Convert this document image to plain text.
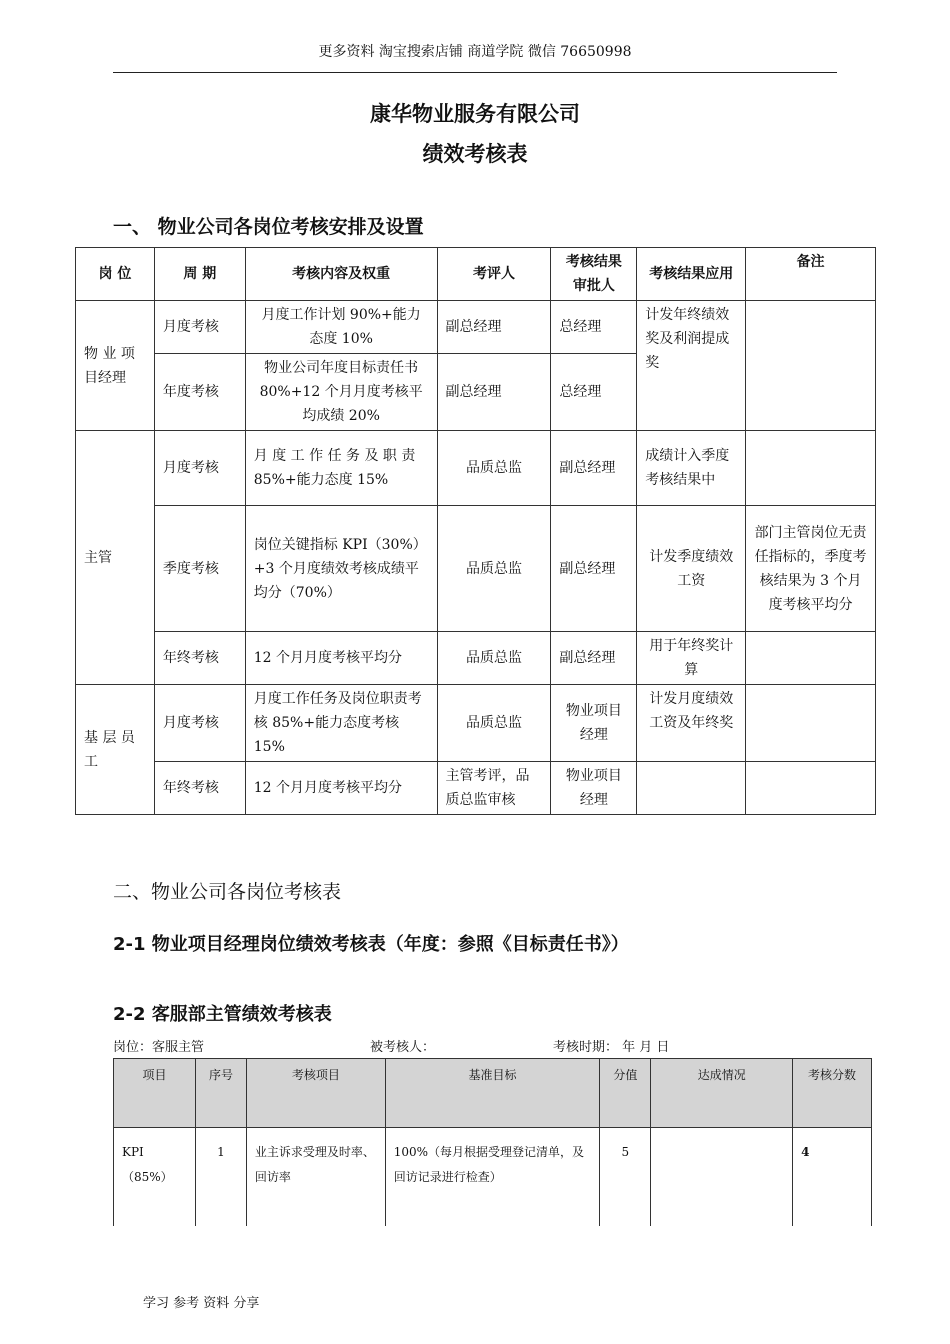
更多资料 淘宝搜索店铺 商道学院 微信 76650998
康华物业服务有限公司
绩效考核表
一、 物业公司各岗位考核安排及设置
岗 位	周 期	考核内容及权重	考评人	考核结果审批人	考核结果应用	备注
物 业 项 目经理	月度考核	月度工作计划 90%+能力 态度 10%	副总经理	总经理	计发年终绩效奖及利润提成奖	
	年度考核	物业公司年度目标责任书 80%+12 个月月度考核平均成绩 20%	副总经理	总经理		
主管	月度考核	月 度 工 作 任 务 及 职 责 85%+能力态度 15%	品质总监	副总经理	成绩计入季度考核结果中	
	季度考核	岗位关键指标 KPI（30%）+3 个月度绩效考核成绩平均分（70%）	品质总监	副总经理	计发季度绩效工资	部门主管岗位无责任指标的，季度考核结果为 3 个月度考核平均分
	年终考核	12 个月月度考核平均分	品质总监	副总经理	用于年终奖计算	
基 层 员 工	月度考核	月度工作任务及岗位职责考核 85%+能力态度考核 15%	品质总监	物业项目经理	计发月度绩效工资及年终奖	
	年终考核	12 个月月度考核平均分	主管考评，品质总监审核	物业项目经理		
二、物业公司各岗位考核表
2-1 物业项目经理岗位绩效考核表（年度：参照《目标责任书》）
2-2 客服部主管绩效考核表
岗位：客服主管	被考核人：	考核时期： 年 月 日
项目	序号	考核项目	基准目标	分值	达成情况	考核分数
KPI（85%）	1	业主诉求受理及时率、回访率	100%（每月根据受理登记清单，及回访记录进行检查）	5		4
学习 参考 资料 分享
